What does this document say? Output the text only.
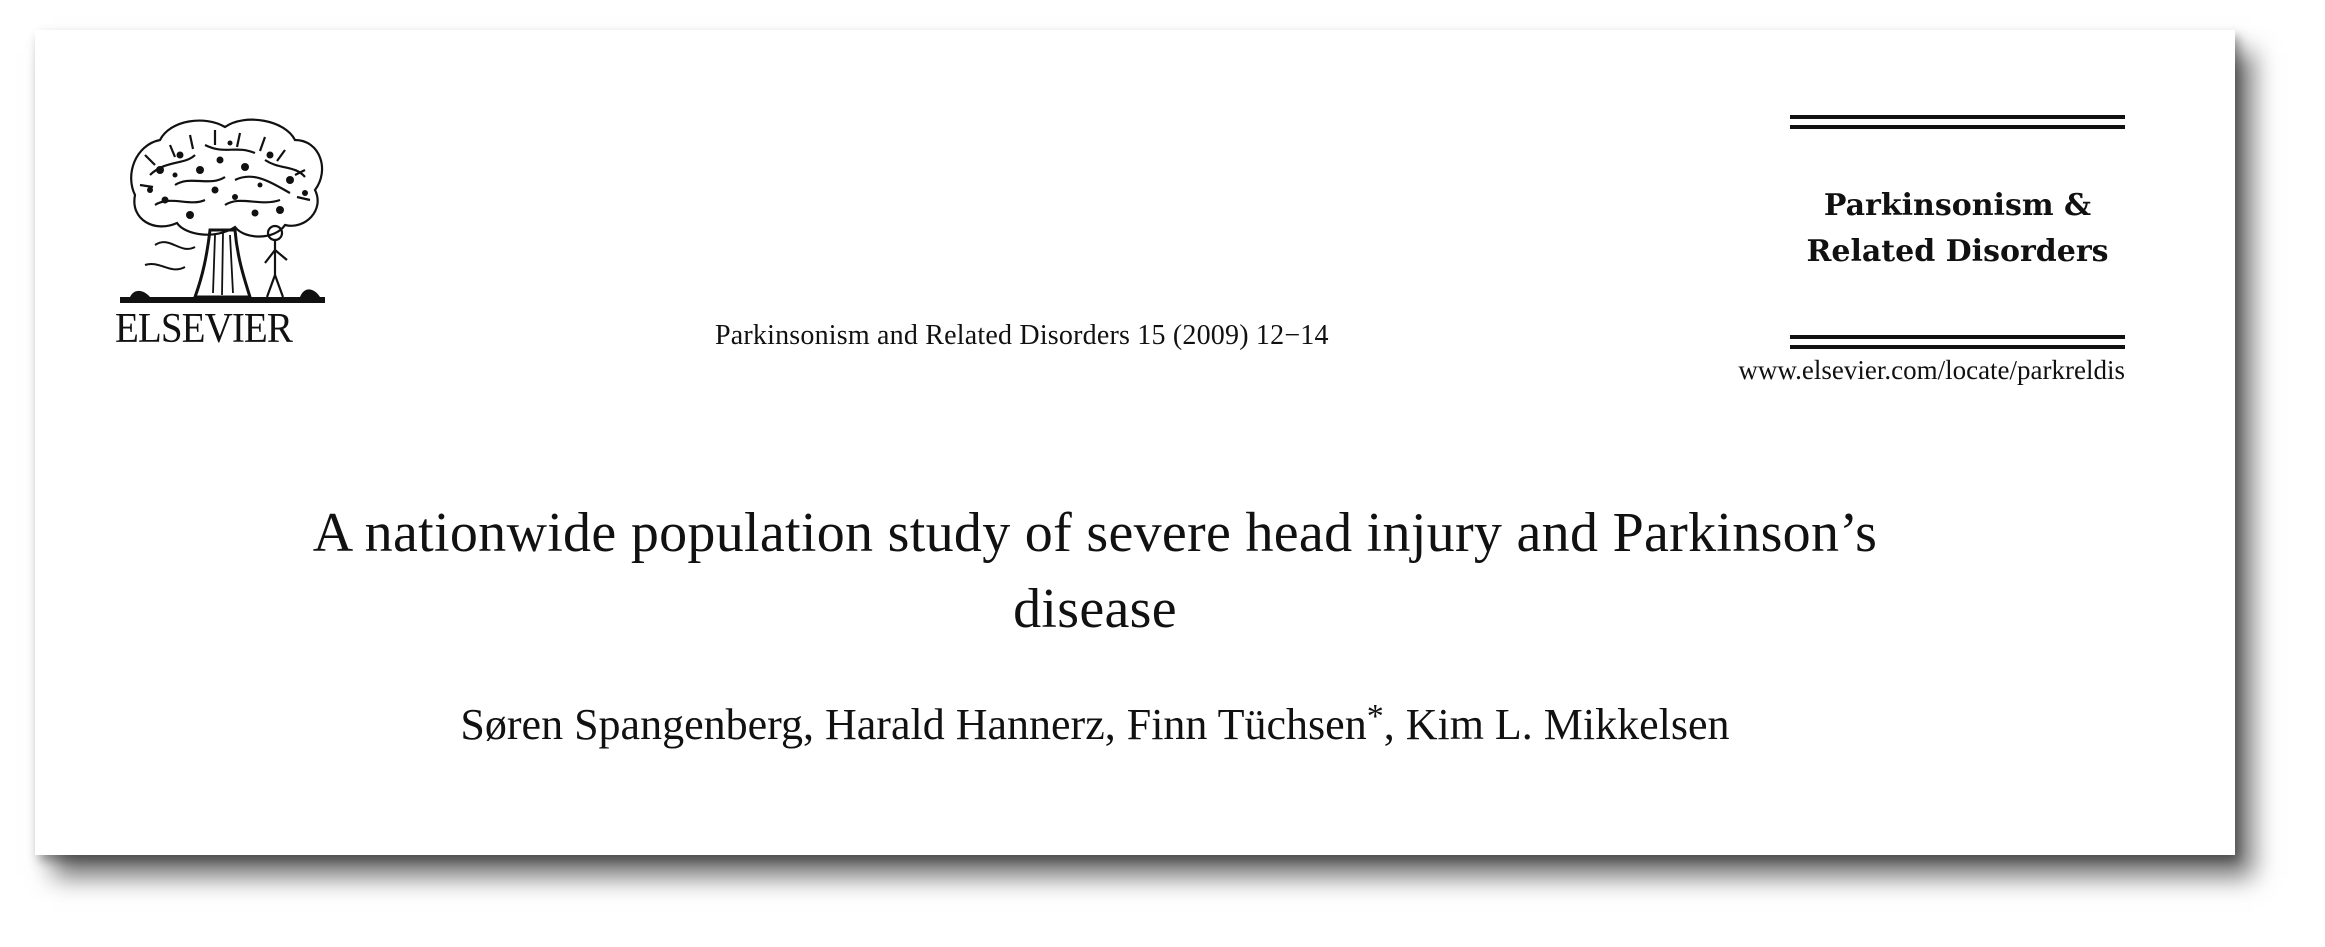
ELSEVIER	Parkinsonism and Related Disorders 15 (2009) 12−14
Parkinsonism &
Related Disorders
www.elsevier.com/locate/parkreldis
A nationwide population study of severe head injury and Parkinson’s
disease
Søren Spangenberg, Harald Hannerz, Finn Tüchsen*, Kim L. Mikkelsen
